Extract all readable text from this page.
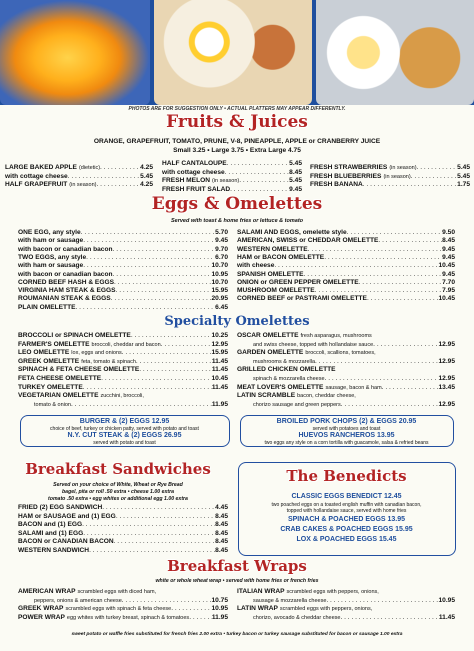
PHOTOS ARE FOR SUGGESTION ONLY • ACTUAL PLATTERS MAY APPEAR DIFFERENTLY.
Fruits & Juices
ORANGE, GRAPEFRUIT, TOMATO, PRUNE, V-8, PINEAPPLE, APPLE or CRANBERRY JUICE
Small 3.25 • Large 3.75 • Extra Large 4.75
LARGE BAKED APPLE (dietetic) . . .	4.25
with cottage cheese . . .	5.45
HALF GRAPEFRUIT (in season) . . .	4.25
HALF CANTALOUPE . . .	5.45
with cottage cheese . . .	8.45
FRESH MELON (in season) . . .	5.45
FRESH FRUIT SALAD . . .	9.45
FRESH STRAWBERRIES (in season) . . .	5.45
FRESH BLUEBERRIES (in season) . . .	5.45
FRESH BANANA . . .	1.75
Eggs & Omelettes
Served with toast & home fries or lettuce & tomato
ONE EGG, any style . . .	5.70
with ham or sausage . . .	9.45
with bacon or canadian bacon . . .	9.70
TWO EGGS, any style . . .	6.70
with ham or sausage . . .	10.70
with bacon or canadian bacon . . .	10.95
CORNED BEEF HASH & EGGS . . .	10.70
VIRGINIA HAM STEAK & EGGS . . .	15.95
ROUMANIAN STEAK & EGGS . . .	20.95
PLAIN OMELETTE . . .	6.45
SALAMI AND EGGS, omelette style . . .	9.50
AMERICAN, SWISS or CHEDDAR OMELETTE . . .	8.45
WESTERN OMELETTE . . .	9.45
HAM or BACON OMELETTE . . .	9.45
with cheese . . .	10.45
SPANISH OMELETTE . . .	9.45
ONION or GREEN PEPPER OMELETTE . . .	7.70
MUSHROOM OMELETTE . . .	7.95
CORNED BEEF or PASTRAMI OMELETTE . . .	10.45
Specialty Omelettes
BROCCOLI or SPINACH OMELETTE . . .	10.25
FARMER'S OMELETTE broccoli, cheddar and bacon . . .	12.95
LEO OMELETTE lox, eggs and onions . . .	15.95
GREEK OMELETTE feta, tomato & spinach . . .	11.45
SPINACH & FETA CHEESE OMELETTE . . .	11.45
FETA CHEESE OMELETTE . . .	10.45
TURKEY OMELETTE . . .	11.45
VEGETARIAN OMELETTE zucchini, broccoli,
tomato & onion . . .	11.95
OSCAR OMELETTE fresh asparagus, mushrooms
and swiss cheese, topped with hollandaise sauce . . .	12.95
GARDEN OMELETTE broccoli, scallions, tomatoes,
mushrooms & mozzarella . . .	12.95
GRILLED CHICKEN OMELETTE
spinach & mozzarella cheese . . .	12.95
MEAT LOVER'S OMELETTE sausage, bacon & ham . . .	13.45
LATIN SCRAMBLE bacon, cheddar cheese,
chorizo sausage and green peppers . . .	12.95
BURGER & (2) EGGS 12.95
choice of beef, turkey or chicken patty, served with potato and toast
N.Y. CUT STEAK & (2) EGGS 26.95
served with potato and toast
BROILED PORK CHOPS (2) & EGGS 20.95
served with potatoes and toast
HUEVOS RANCHEROS 13.95
two eggs any style on a corn tortilla with guacamole, salsa & refried beans
Breakfast Sandwiches
Served on your choice of White, Wheat or Rye Bread
bagel, pita or roll .50 extra • cheese 1.00 extra
tomato .50 extra • egg whites or additional egg 1.00 extra
FRIED (2) EGG SANDWICH . . .	4.45
HAM or SAUSAGE and (1) EGG . . .	8.45
BACON and (1) EGG . . .	8.45
SALAMI and (1) EGG . . .	8.45
BACON or CANADIAN BACON . . .	8.45
WESTERN SANDWICH . . .	8.45
The Benedicts
CLASSIC EGGS BENEDICT 12.45
two poached eggs on a toasted english muffin with canadian bacon,
topped with hollandaise sauce, served with home fries
SPINACH & POACHED EGGS 13.95
CRAB CAKES & POACHED EGGS 15.95
LOX & POACHED EGGS 15.45
Breakfast Wraps
white or whole wheat wrap • served with home fries or french fries
AMERICAN WRAP scrambled eggs with diced ham,
peppers, onions & american cheese . . .	10.75
GREEK WRAP scrambled eggs with spinach & feta cheese . . .	10.95
POWER WRAP egg whites with turkey breast, spinach & tomatoes . . .	11.95
ITALIAN WRAP scrambled eggs with peppers, onions,
sausage & mozzarella cheese . . .	10.95
LATIN WRAP scrambled eggs with peppers, onions,
chorizo, avocado & cheddar cheese . . .	11.45
sweet potato or waffle fries substituted for french fries 2.00 extra • turkey bacon or turkey sausage substituted for bacon or sausage 1.00 extra
